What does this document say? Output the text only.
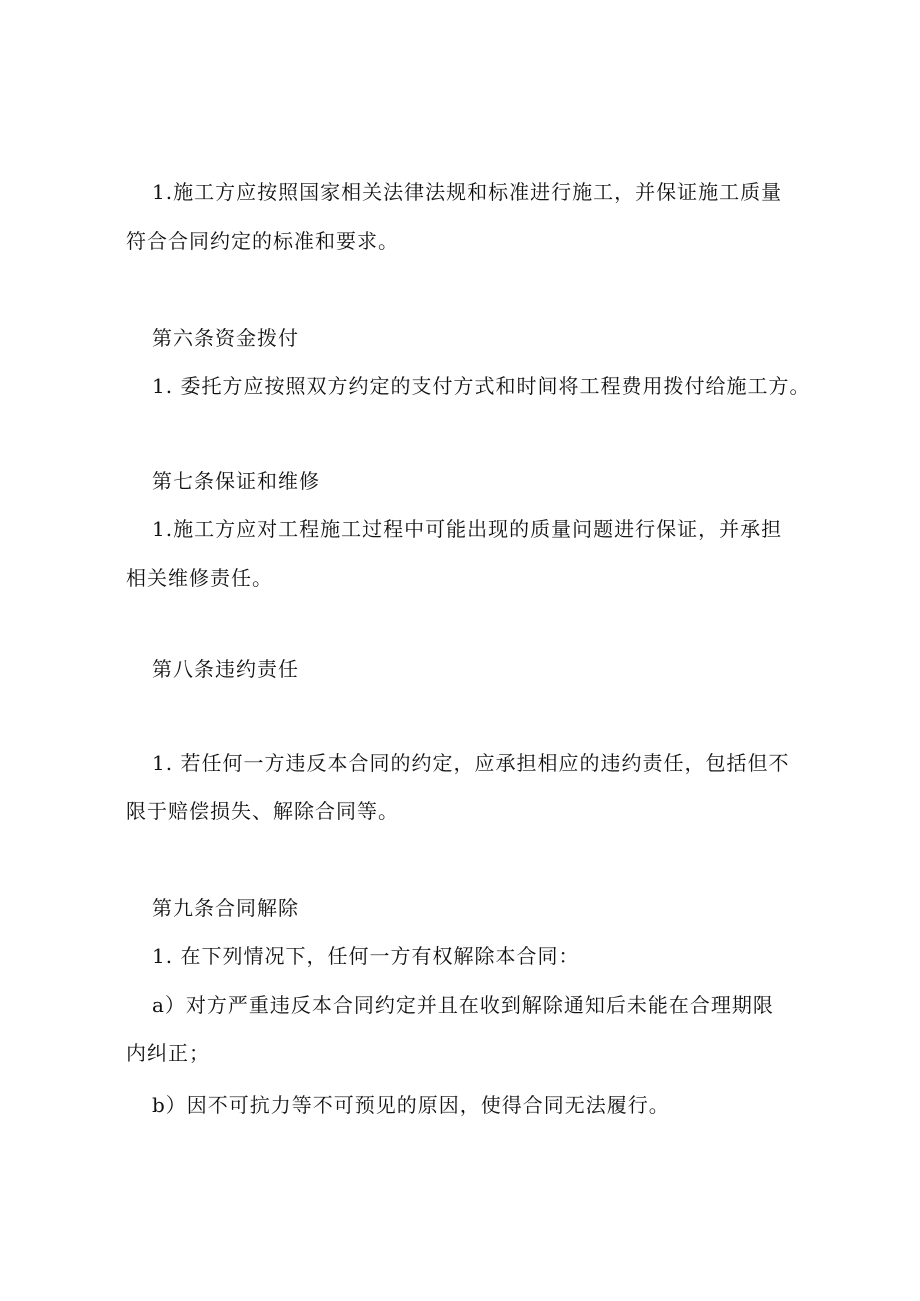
1.施工方应按照国家相关法律法规和标准进行施工，并保证施工质量
符合合同约定的标准和要求。
第六条资金拨付
1. 委托方应按照双方约定的支付方式和时间将工程费用拨付给施工方。
第七条保证和维修
1.施工方应对工程施工过程中可能出现的质量问题进行保证，并承担
相关维修责任。
第八条违约责任
1. 若任何一方违反本合同的约定，应承担相应的违约责任，包括但不
限于赔偿损失、解除合同等。
第九条合同解除
1. 在下列情况下，任何一方有权解除本合同：
a）对方严重违反本合同约定并且在收到解除通知后未能在合理期限
内纠正；
b）因不可抗力等不可预见的原因，使得合同无法履行。
